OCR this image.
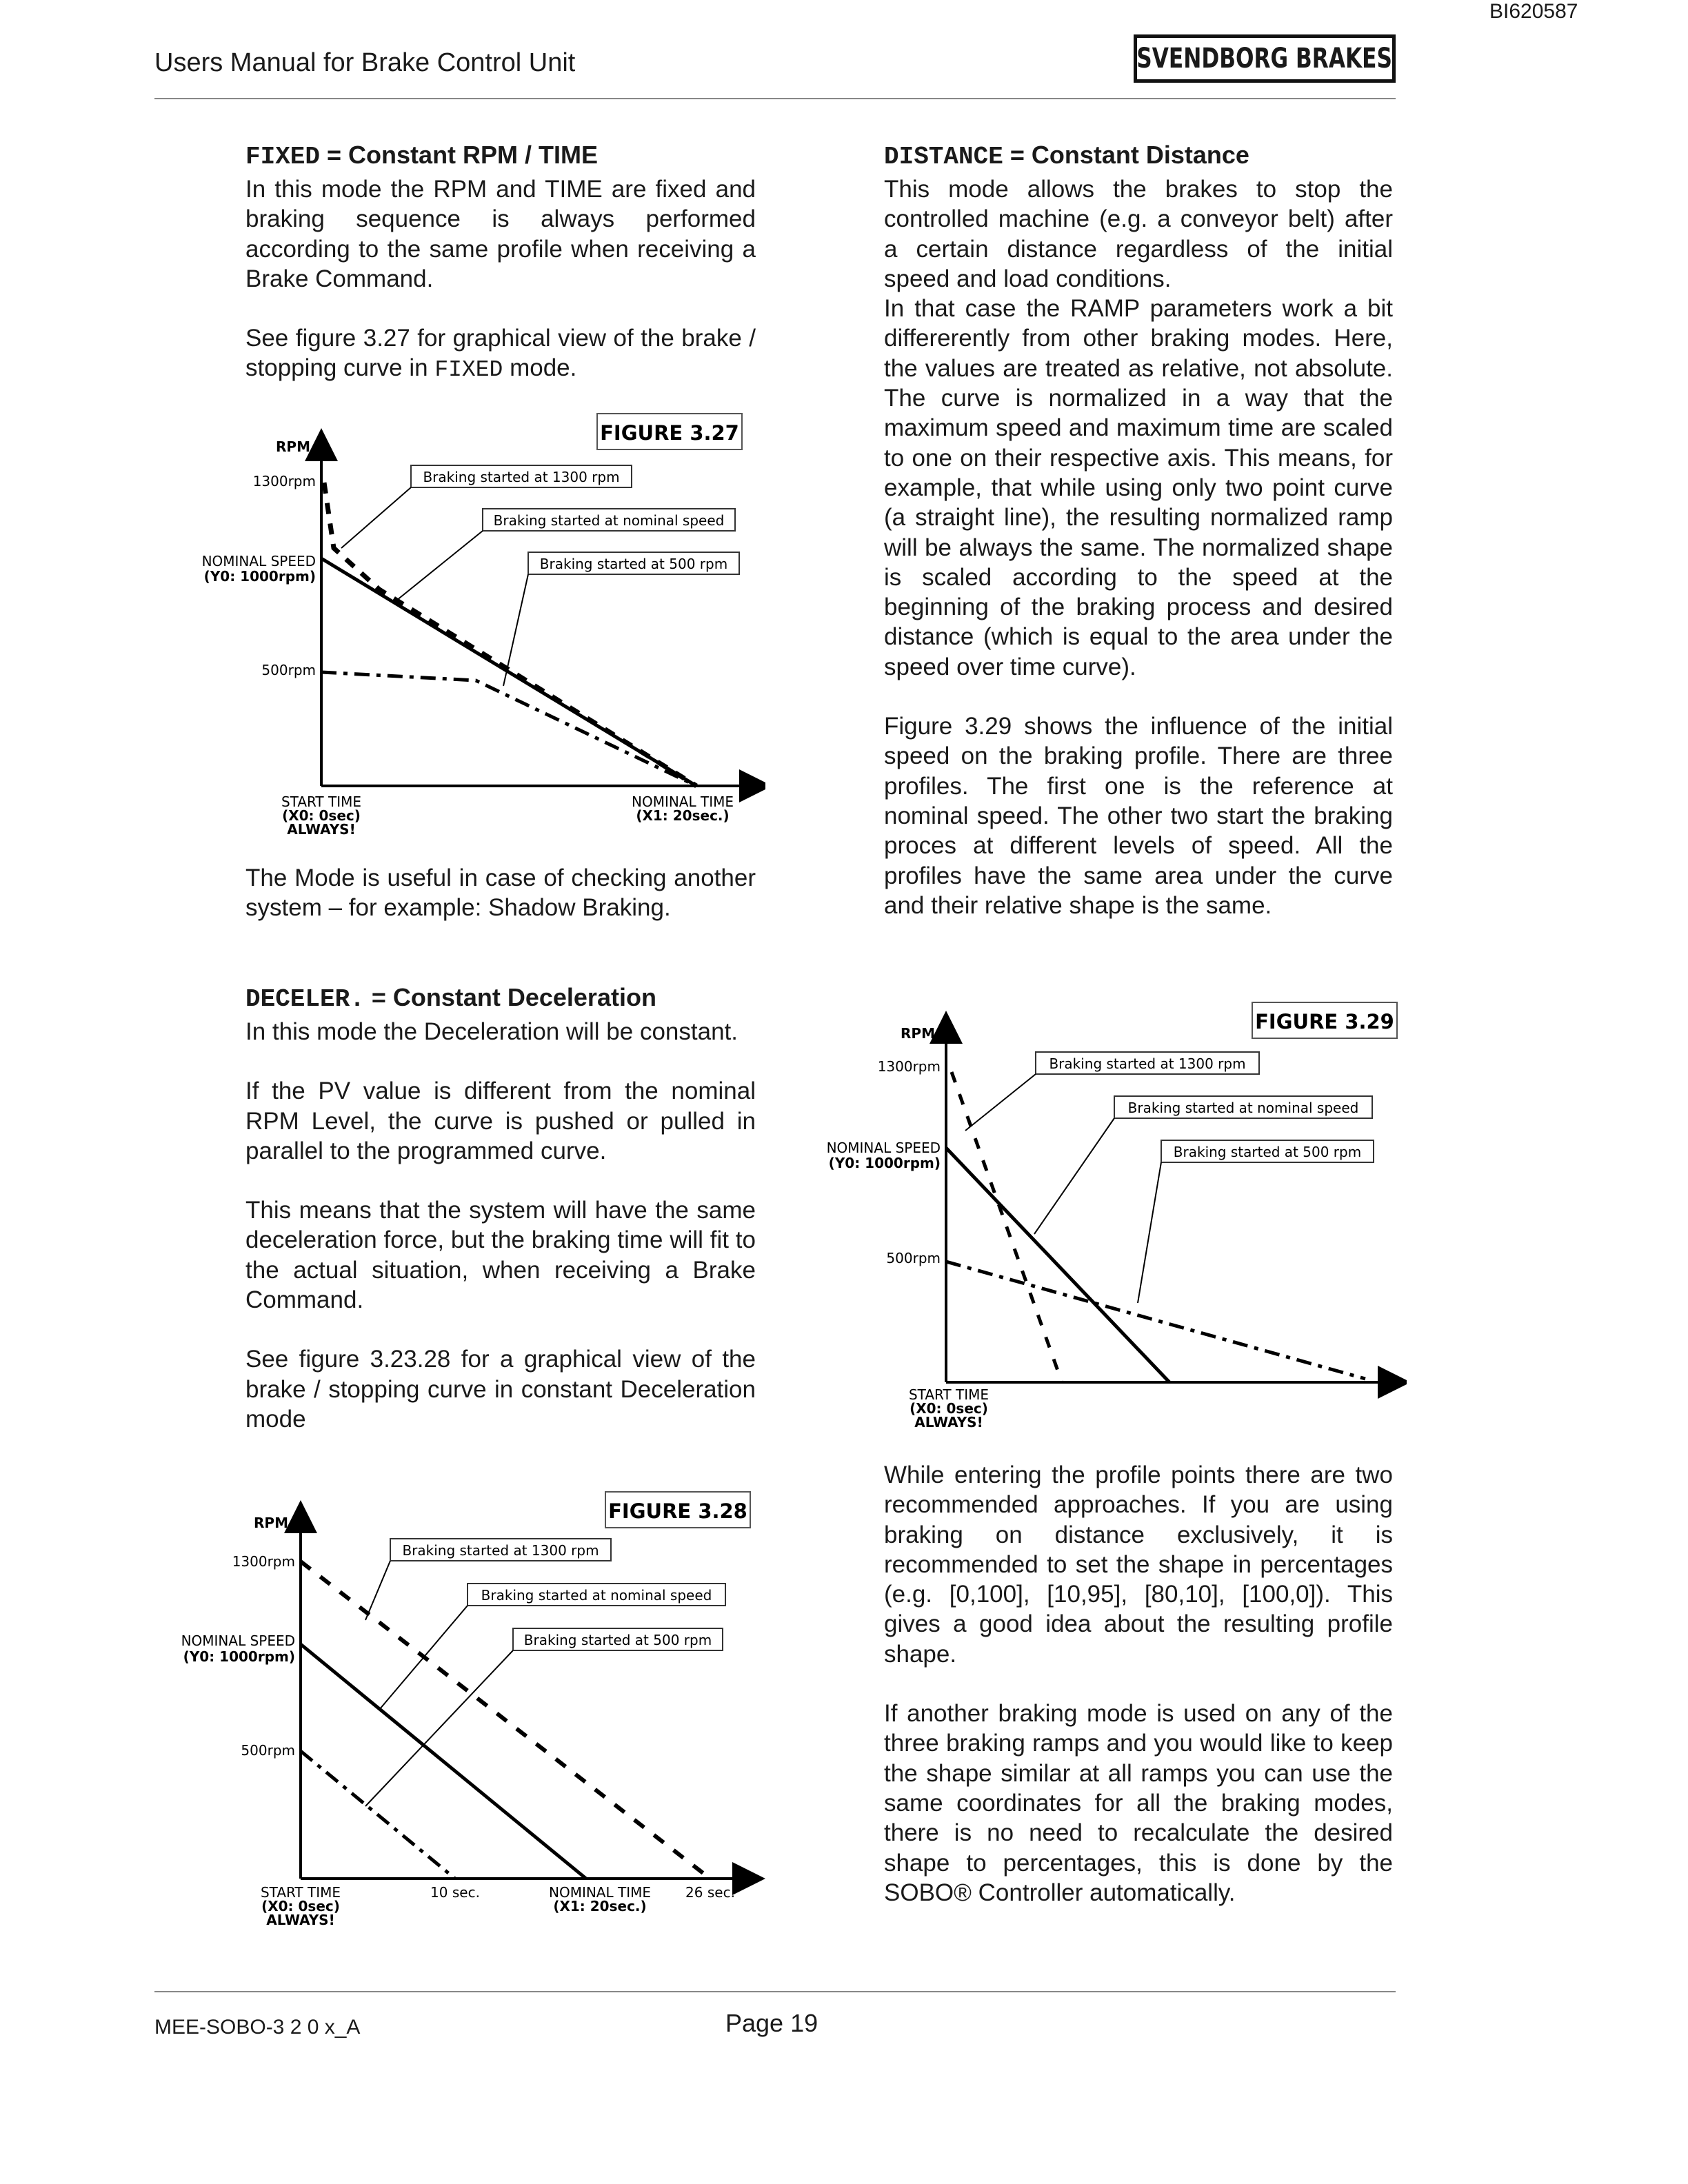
BI620587
Users Manual for Brake Control Unit	SVENDBORG BRAKES
FIXED = Constant RPM / TIME

In this mode the RPM and TIME are fixed and braking sequence is always performed according to the same profile when receiving a Brake Command.

See figure 3.27 for graphical view of the brake / stopping curve in FIXED mode.

FIGURE 3.27
RPM
1300rpm
NOMINAL SPEED
(Y0: 1000rpm)
500rpm
START TIME
(X0: 0sec)
ALWAYS!
NOMINAL TIME
(X1: 20sec.)
Braking started at 1300 rpm
Braking started at nominal speed
Braking started at 500 rpm

The Mode is useful in case of checking another system – for example: Shadow Braking.

DECELER. = Constant Deceleration

In this mode the Deceleration will be constant.

If the PV value is different from the nominal RPM Level, the curve is pushed or pulled in parallel to the programmed curve.

This means that the system will have the same deceleration force, but the braking time will fit to the actual situation, when receiving a Brake Command.

See figure 3.23.28 for a graphical view of the brake / stopping curve in constant Deceleration mode

FIGURE 3.28
RPM
1300rpm
NOMINAL SPEED
(Y0: 1000rpm)
500rpm
START TIME
(X0: 0sec)
ALWAYS!
10 sec.	NOMINAL TIME
(X1: 20sec.)
26 sec.
Braking started at 1300 rpm
Braking started at nominal speed
Braking started at 500 rpm
DISTANCE = Constant Distance

This mode allows the brakes to stop the controlled machine (e.g. a conveyor belt) after a certain distance regardless of the initial speed and load conditions.

In that case the RAMP parameters work a bit differerently from other braking modes. Here, the values are treated as relative, not absolute. The curve is normalized in a way that the maximum speed and maximum time are scaled to one on their respective axis. This means, for example, that while using only two point curve (a straight line), the resulting normalized ramp will be always the same. The normalized shape is scaled according to the speed at the beginning of the braking process and desired distance (which is equal to the area under the speed over time curve).

Figure 3.29 shows the influence of the initial speed on the braking profile. There are three profiles. The first one is the reference at nominal speed. The other two start the braking proces at different levels of speed. All the profiles have the same area under the curve and their relative shape is the same.

FIGURE 3.29
RPM
1300rpm
NOMINAL SPEED
(Y0: 1000rpm)
500rpm
START TIME
(X0: 0sec)
ALWAYS!
Braking started at 1300 rpm
Braking started at nominal speed
Braking started at 500 rpm

While entering the profile points there are two recommended approaches. If you are using braking on distance exclusively, it is recommended to set the shape in percentages (e.g. [0,100], [10,95], [80,10], [100,0]). This gives a good idea about the resulting profile shape.

If another braking mode is used on any of the three braking ramps and you would like to keep the shape similar at all ramps you can use the same coordinates for all the braking modes, there is no need to recalculate the desired shape to percentages, this is done by the SOBO® Controller automatically.

MEE-SOBO-3 2 0 x_A	Page 19
